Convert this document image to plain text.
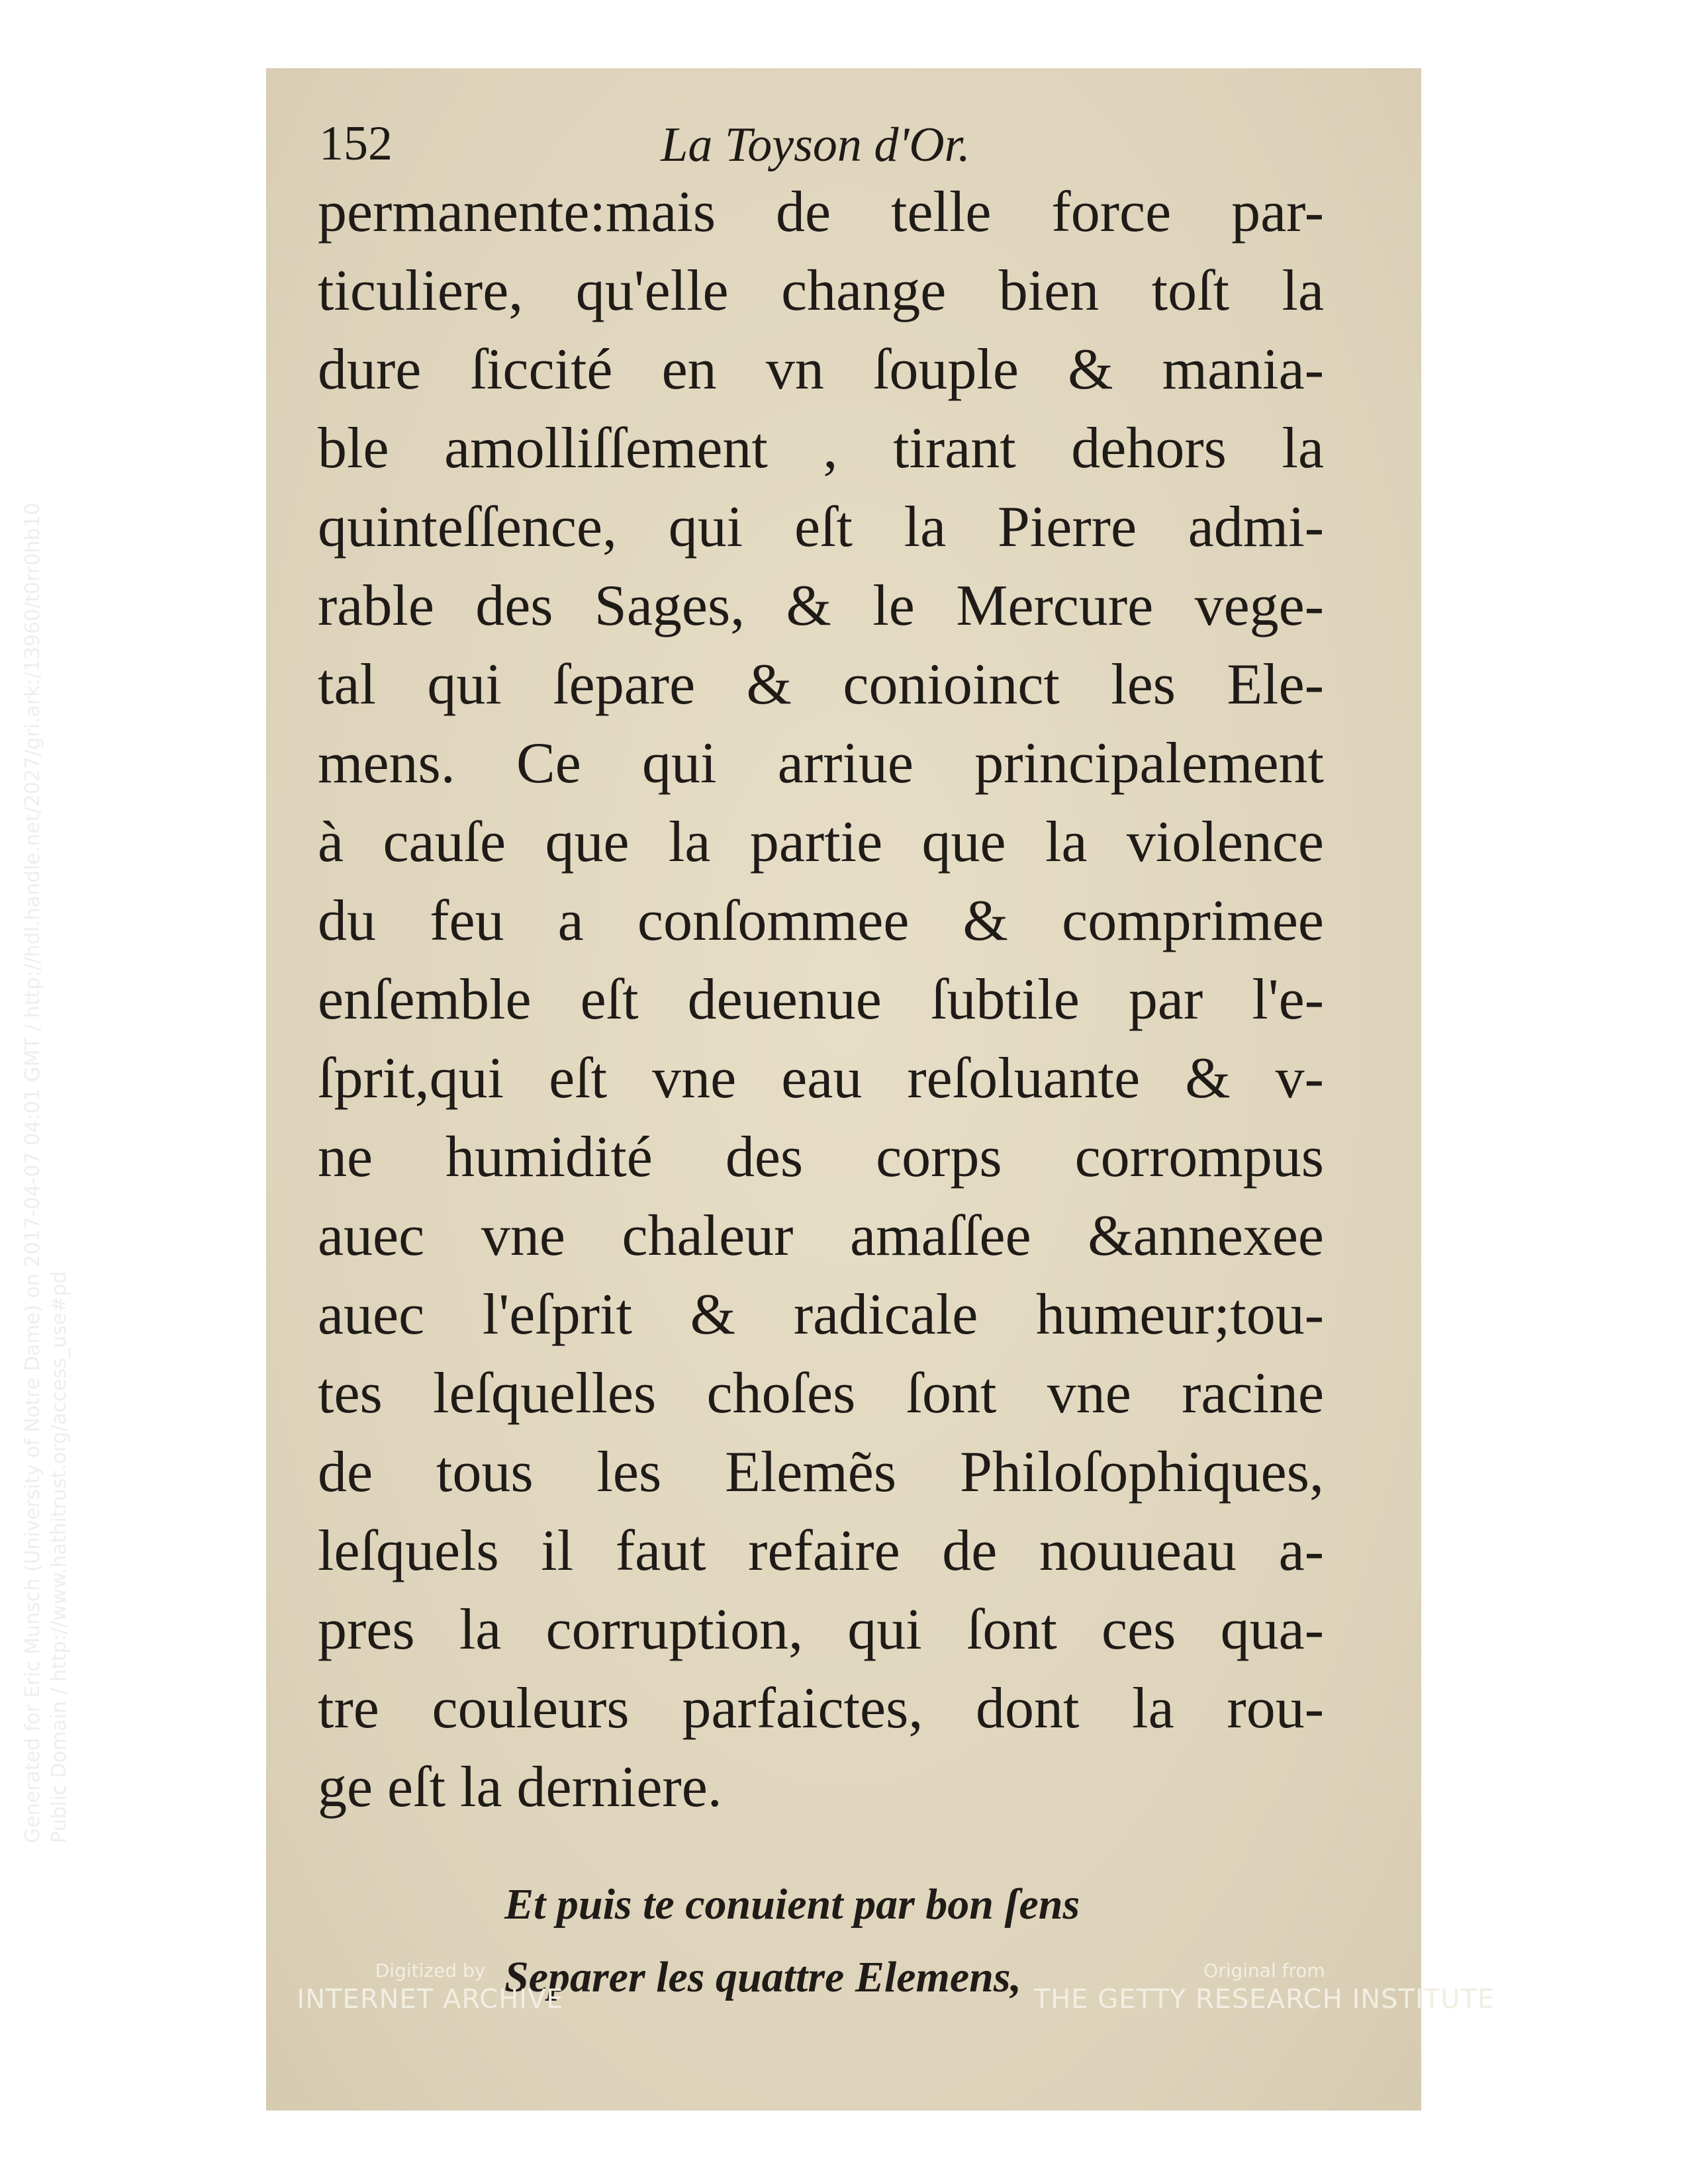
Generated for Eric Munsch (University of Notre Dame) on 2017-04-07 04:01 GMT / http://hdl.handle.net/2027/gri.ark:/13960/t0rr0hb10 Public Domain / http://www.hathitrust.org/access_use#pd
152	La Toyson d'Or.
permanente:mais de telle force par-
ticuliere, qu'elle change bien toſt la
dure ſiccité en vn ſouple & mania-
ble amolliſſement , tirant dehors la
quinteſſence, qui eſt la Pierre admi-
rable des Sages, & le Mercure vege-
tal qui ſepare & conioinct les Ele-
mens. Ce qui arriue principalement
à cauſe que la partie que la violence
du feu a conſommee & comprimee
enſemble eſt deuenue ſubtile par l'e-
ſprit,qui eſt vne eau reſoluante & v-
ne humidité des corps corrompus
auec vne chaleur amaſſee &annexee
auec l'eſprit & radicale humeur;tou-
tes leſquelles choſes ſont vne racine
de tous les Elemẽs Philoſophiques,
leſquels il faut refaire de nouueau a-
pres la corruption, qui ſont ces qua-
tre couleurs parfaictes, dont la rou-
ge eſt la derniere.
Et puis te conuient par bon ſens
Separer les quattre Elemens,
Digitized by
INTERNET ARCHIVE
Original from
THE GETTY RESEARCH INSTITUTE
